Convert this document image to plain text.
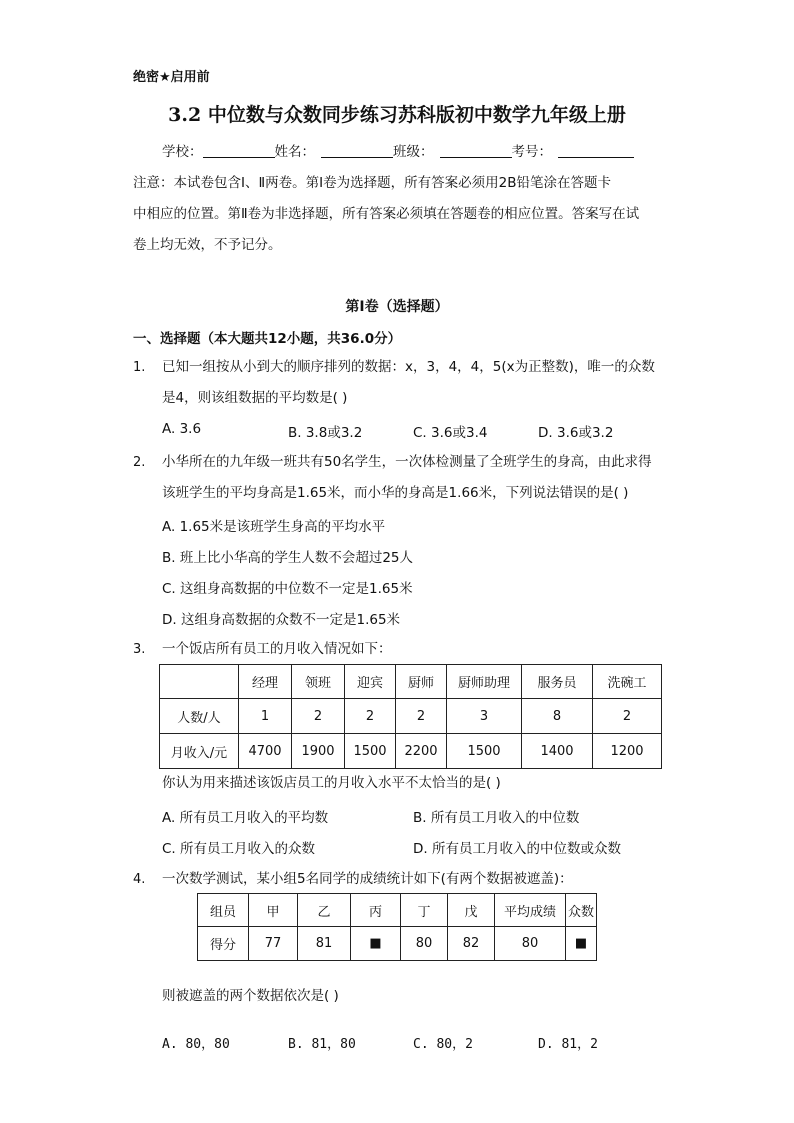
绝密★启用前
3.2 中位数与众数同步练习苏科版初中数学九年级上册
学校：	姓名：	班级：	考号：
注意：本试卷包含Ⅰ、Ⅱ两卷。第Ⅰ卷为选择题，所有答案必须用2B铅笔涂在答题卡
中相应的位置。第Ⅱ卷为非选择题，所有答案必须填在答题卷的相应位置。答案写在试
卷上均无效，不予记分。
第Ⅰ卷（选择题）
一、选择题（本大题共12小题，共36.0分）
1. 已知一组按从小到大的顺序排列的数据：x，3，4，4，5(x为正整数)，唯一的众数
是4，则该组数据的平均数是( )
A. 3.6	B. 3.8或3.2	C. 3.6或3.4	D. 3.6或3.2
2. 小华所在的九年级一班共有50名学生，一次体检测量了全班学生的身高，由此求得
该班学生的平均身高是1.65米，而小华的身高是1.66米，下列说法错误的是( )
A. 1.65米是该班学生身高的平均水平
B. 班上比小华高的学生人数不会超过25人
C. 这组身高数据的中位数不一定是1.65米
D. 这组身高数据的众数不一定是1.65米
3. 一个饭店所有员工的月收入情况如下：
	经理	领班	迎宾	厨师	厨师助理	服务员	洗碗工
人数/人	1	2	2	2	3	8	2
月收入/元	4700	1900	1500	2200	1500	1400	1200
你认为用来描述该饭店员工的月收入水平不太恰当的是( )
A. 所有员工月收入的平均数	B. 所有员工月收入的中位数
C. 所有员工月收入的众数	D. 所有员工月收入的中位数或众数
4. 一次数学测试，某小组5名同学的成绩统计如下(有两个数据被遮盖)：
组员	甲	乙	丙	丁	戊	平均成绩	众数
得分	77	81	■	80	82	80	■
则被遮盖的两个数据依次是( )
A. 80，80	B. 81，80	C. 80，2	D. 81，2
